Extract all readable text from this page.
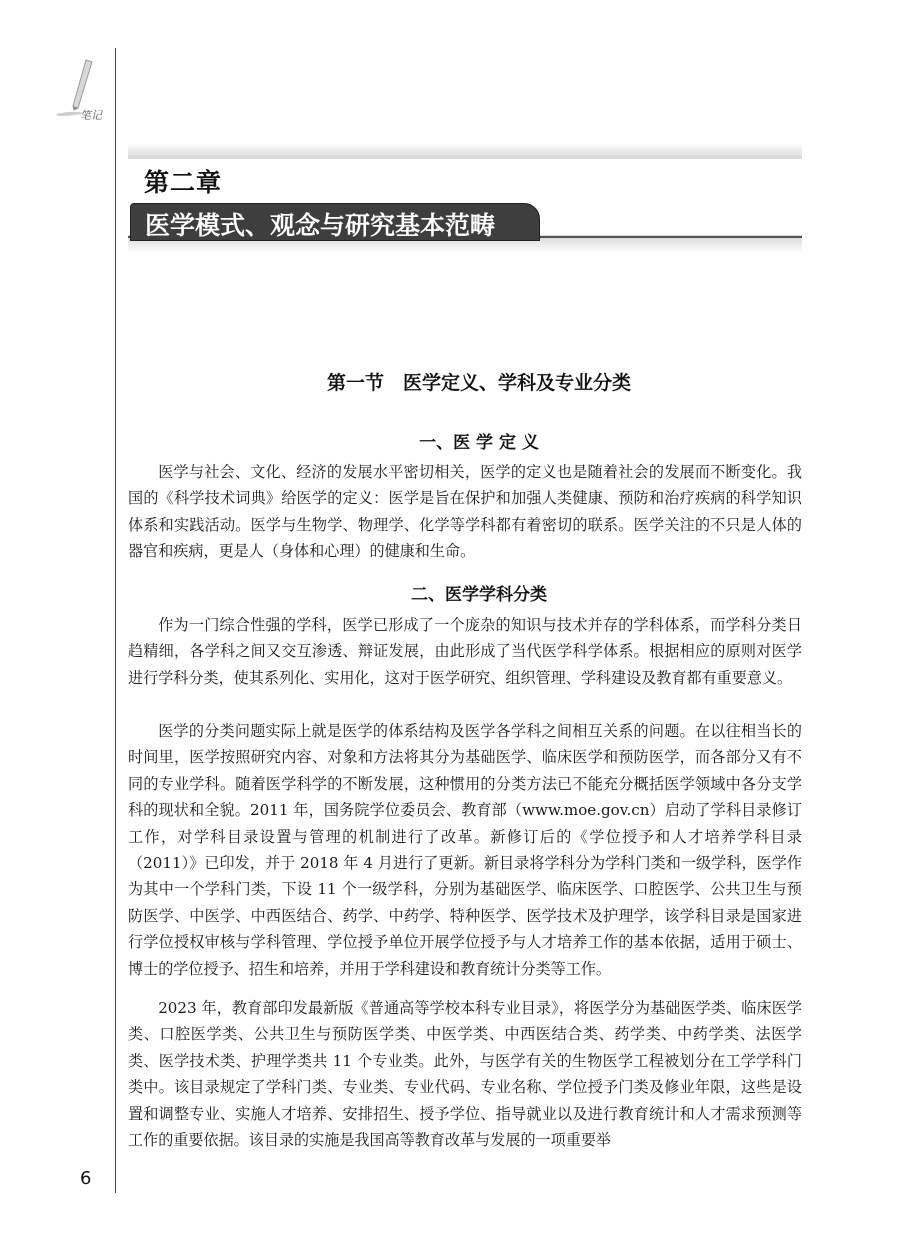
笔记
第二章
医学模式、观念与研究基本范畴
第一节　医学定义、学科及专业分类
一、医 学 定 义

医学与社会、文化、经济的发展水平密切相关，医学的定义也是随着社会的发展而不断变化。我国的《科学技术词典》给医学的定义：医学是旨在保护和加强人类健康、预防和治疗疾病的科学知识体系和实践活动。医学与生物学、物理学、化学等学科都有着密切的联系。医学关注的不只是人体的器官和疾病，更是人（身体和心理）的健康和生命。

二、医学学科分类

作为一门综合性强的学科，医学已形成了一个庞杂的知识与技术并存的学科体系，而学科分类日趋精细，各学科之间又交互渗透、辩证发展，由此形成了当代医学科学体系。根据相应的原则对医学进行学科分类，使其系列化、实用化，这对于医学研究、组织管理、学科建设及教育都有重要意义。

医学的分类问题实际上就是医学的体系结构及医学各学科之间相互关系的问题。在以往相当长的时间里，医学按照研究内容、对象和方法将其分为基础医学、临床医学和预防医学，而各部分又有不同的专业学科。随着医学科学的不断发展，这种惯用的分类方法已不能充分概括医学领域中各分支学科的现状和全貌。2011 年，国务院学位委员会、教育部（www.moe.gov.cn）启动了学科目录修订工作，对学科目录设置与管理的机制进行了改革。新修订后的《学位授予和人才培养学科目录（2011）》已印发，并于 2018 年 4 月进行了更新。新目录将学科分为学科门类和一级学科，医学作为其中一个学科门类，下设 11 个一级学科，分别为基础医学、临床医学、口腔医学、公共卫生与预防医学、中医学、中西医结合、药学、中药学、特种医学、医学技术及护理学，该学科目录是国家进行学位授权审核与学科管理、学位授予单位开展学位授予与人才培养工作的基本依据，适用于硕士、博士的学位授予、招生和培养，并用于学科建设和教育统计分类等工作。

2023 年，教育部印发最新版《普通高等学校本科专业目录》，将医学分为基础医学类、临床医学类、口腔医学类、公共卫生与预防医学类、中医学类、中西医结合类、药学类、中药学类、法医学类、医学技术类、护理学类共 11 个专业类。此外，与医学有关的生物医学工程被划分在工学学科门类中。该目录规定了学科门类、专业类、专业代码、专业名称、学位授予门类及修业年限，这些是设置和调整专业、实施人才培养、安排招生、授予学位、指导就业以及进行教育统计和人才需求预测等工作的重要依据。该目录的实施是我国高等教育改革与发展的一项重要举

6
